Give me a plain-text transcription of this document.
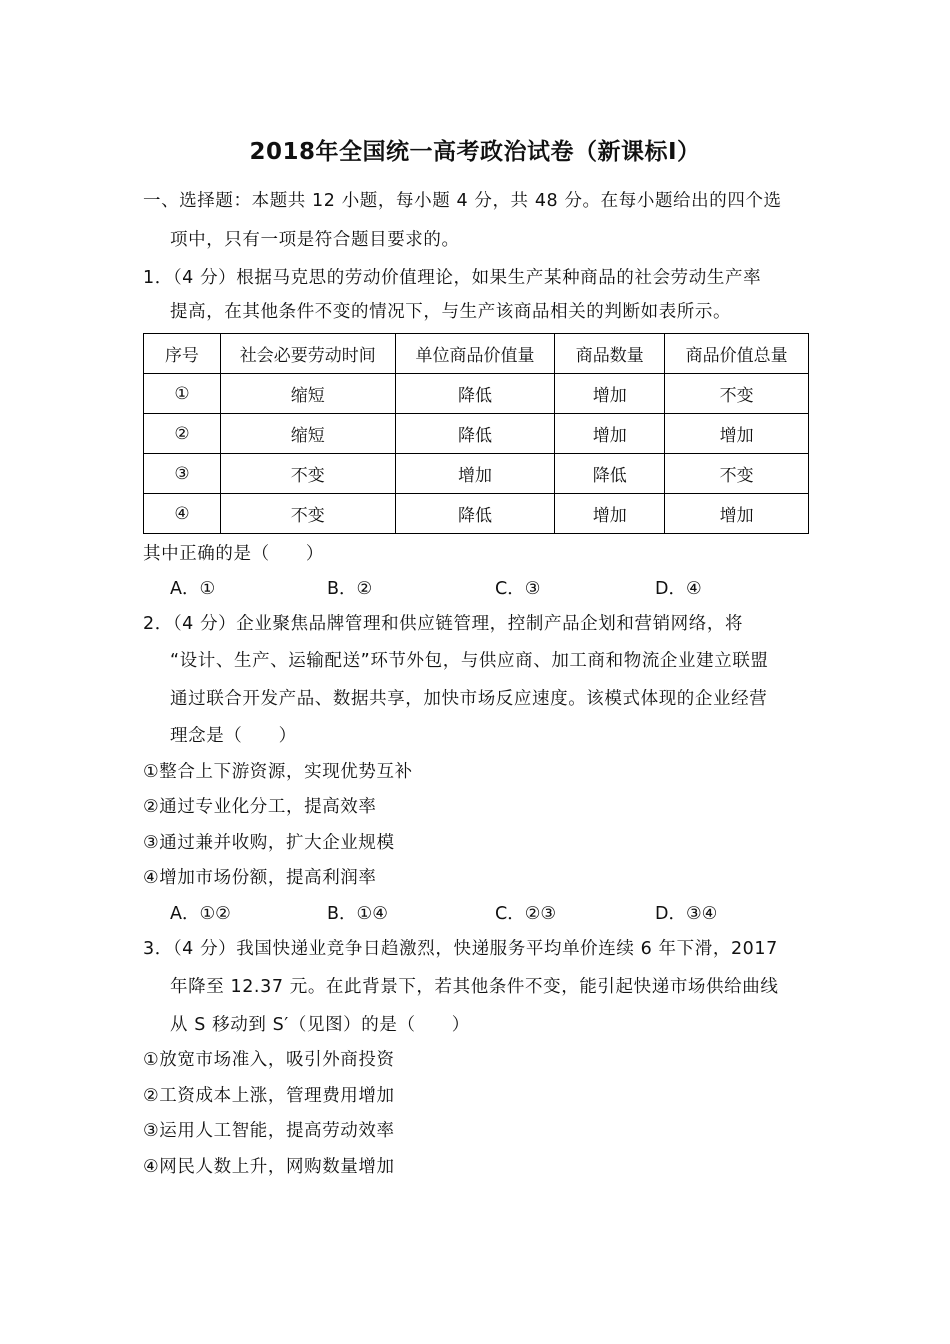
2018年全国统一高考政治试卷（新课标Ⅰ）
一、选择题：本题共 12 小题，每小题 4 分，共 48 分。在每小题给出的四个选
项中，只有一项是符合题目要求的。
1．（4 分）根据马克思的劳动价值理论，如果生产某种商品的社会劳动生产率
提高，在其他条件不变的情况下，与生产该商品相关的判断如表所示。
序号	社会必要劳动时间	单位商品价值量	商品数量	商品价值总量
①	缩短	降低	增加	不变
②	缩短	降低	增加	增加
③	不变	增加	降低	不变
④	不变	降低	增加	增加
其中正确的是（　　）
A．①	B．②	C．③	D．④
2．（4 分）企业聚焦品牌管理和供应链管理，控制产品企划和营销网络，将
“设计、生产、运输配送”环节外包，与供应商、加工商和物流企业建立联盟
通过联合开发产品、数据共享，加快市场反应速度。该模式体现的企业经营
理念是（　　）
①整合上下游资源，实现优势互补
②通过专业化分工，提高效率
③通过兼并收购，扩大企业规模
④增加市场份额，提高利润率
A．①②	B．①④	C．②③	D．③④
3．（4 分）我国快递业竞争日趋激烈，快递服务平均单价连续 6 年下滑，2017
年降至 12.37 元。在此背景下，若其他条件不变，能引起快递市场供给曲线
从 S 移动到 S′（见图）的是（　　）
①放宽市场准入，吸引外商投资
②工资成本上涨，管理费用增加
③运用人工智能，提高劳动效率
④网民人数上升，网购数量增加
